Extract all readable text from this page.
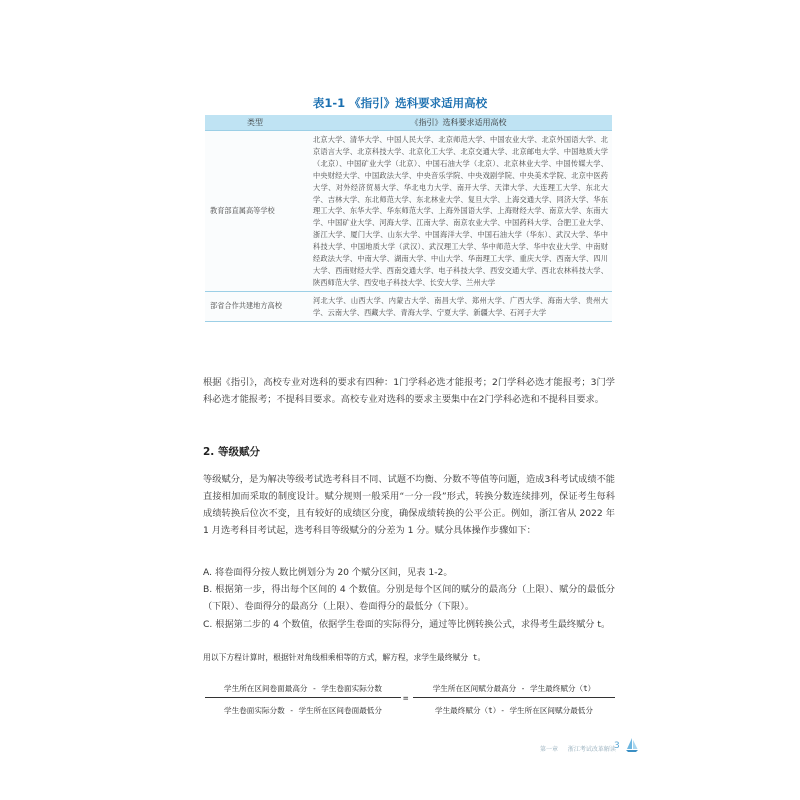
表1-1 《指引》选科要求适用高校
类型	《指引》选科要求适用高校
教育部直属高等学校	北京大学、清华大学、中国人民大学、北京师范大学、中国农业大学、北京外国语大学、北京语言大学、北京科技大学、北京化工大学、北京交通大学、北京邮电大学、中国地质大学（北京）、中国矿业大学（北京）、中国石油大学（北京）、北京林业大学、中国传媒大学、中央财经大学、中国政法大学、中央音乐学院、中央戏剧学院、中央美术学院、北京中医药大学、对外经济贸易大学、华北电力大学、南开大学、天津大学、大连理工大学、东北大学、吉林大学、东北师范大学、东北林业大学、复旦大学、上海交通大学、同济大学、华东理工大学、东华大学、华东师范大学、上海外国语大学、上海财经大学、南京大学、东南大学、中国矿业大学、河海大学、江南大学、南京农业大学、中国药科大学、合肥工业大学、浙江大学、厦门大学、山东大学、中国海洋大学、中国石油大学（华东）、武汉大学、华中科技大学、中国地质大学（武汉）、武汉理工大学、华中师范大学、华中农业大学、中南财经政法大学、中南大学、湖南大学、中山大学、华南理工大学、重庆大学、西南大学、四川大学、西南财经大学、西南交通大学、电子科技大学、西安交通大学、西北农林科技大学、陕西师范大学、西安电子科技大学、长安大学、兰州大学
部省合作共建地方高校	河北大学、山西大学、内蒙古大学、南昌大学、郑州大学、广西大学、海南大学、贵州大学、云南大学、西藏大学、青海大学、宁夏大学、新疆大学、石河子大学
根据《指引》，高校专业对选科的要求有四种：1门学科必选才能报考；2门学科必选才能报考；3门学科必选才能报考；不提科目要求。高校专业对选科的要求主要集中在2门学科必选和不提科目要求。
2. 等级赋分
等级赋分，是为解决等级考试选考科目不同、试题不均衡、分数不等值等问题，造成3科考试成绩不能直接相加而采取的制度设计。赋分规则一般采用“一分一段”形式，转换分数连续排列，保证考生每科成绩转换后位次不变，且有较好的成绩区分度，确保成绩转换的公平公正。例如，浙江省从 2022 年 1 月选考科目考试起，选考科目等级赋分的分差为 1 分。赋分具体操作步骤如下：
A. 将卷面得分按人数比例划分为 20 个赋分区间，见表 1-2。
B. 根据第一步，得出每个区间的 4 个数值。分别是每个区间的赋分的最高分（上限）、赋分的最低分（下限）、卷面得分的最高分（上限）、卷面得分的最低分（下限）。
C. 根据第二步的 4 个数值，依据学生卷面的实际得分，通过等比例转换公式，求得考生最终赋分 t。
用以下方程计算时，根据针对角线相乘相等的方式，解方程，求学生最终赋分 t。
学生所在区间卷面最高分 - 学生卷面实际分数
学生卷面实际分数 - 学生所在区间卷面最低分
=
学生所在区间赋分最高分 - 学生最终赋分（t）
学生最终赋分（t）- 学生所在区间赋分最低分
第一章 　 浙江考试改革解读
3
